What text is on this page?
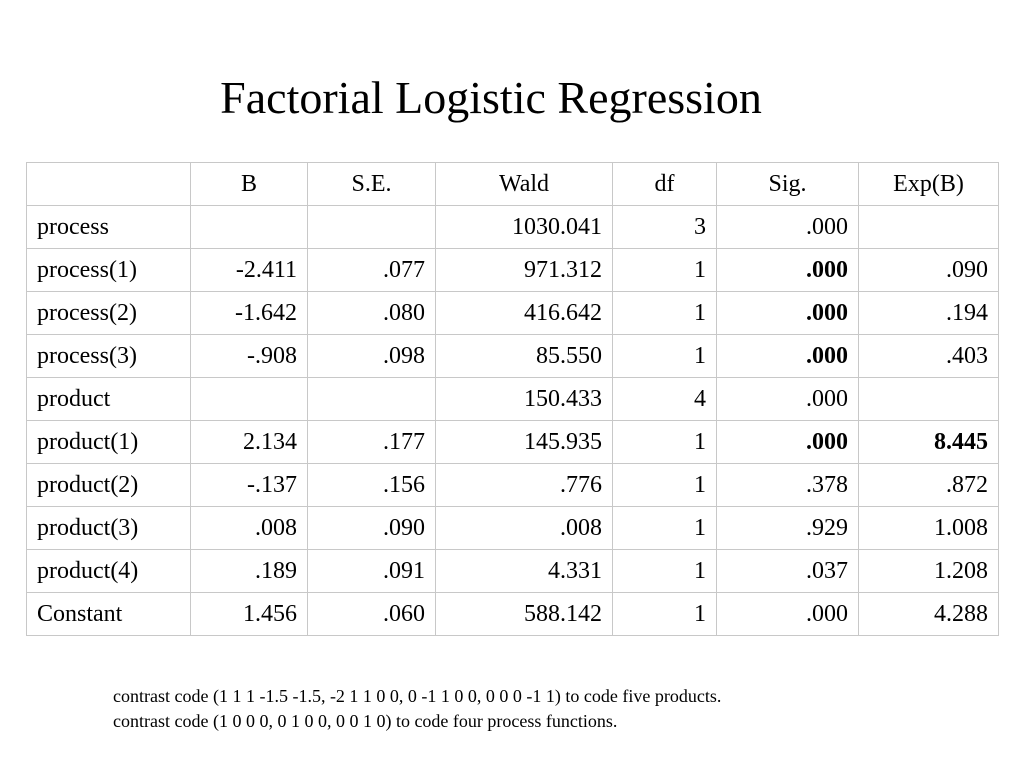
Factorial Logistic Regression
	B	S.E.	Wald	df	Sig.	Exp(B)
process			1030.041	3	.000	
process(1)	-2.411	.077	971.312	1	.000	.090
process(2)	-1.642	.080	416.642	1	.000	.194
process(3)	-.908	.098	85.550	1	.000	.403
product			150.433	4	.000	
product(1)	2.134	.177	145.935	1	.000	8.445
product(2)	-.137	.156	.776	1	.378	.872
product(3)	.008	.090	.008	1	.929	1.008
product(4)	.189	.091	4.331	1	.037	1.208
Constant	1.456	.060	588.142	1	.000	4.288
contrast code (1 1 1 -1.5 -1.5, -2 1 1 0 0, 0 -1 1 0 0, 0 0 0 -1 1) to code five products.
contrast code (1 0 0 0, 0 1 0 0, 0 0 1 0) to code four process functions.
